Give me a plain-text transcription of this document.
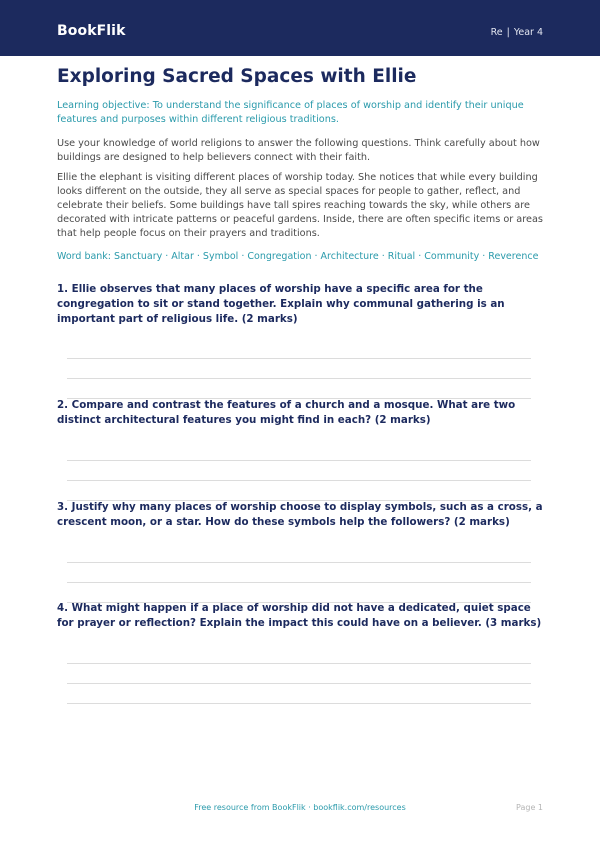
BookFlik	Re | Year 4
Exploring Sacred Spaces with Ellie
Learning objective: To understand the significance of places of worship and identify their unique features and purposes within different religious traditions.
Use your knowledge of world religions to answer the following questions. Think carefully about how buildings are designed to help believers connect with their faith.
Ellie the elephant is visiting different places of worship today. She notices that while every building looks different on the outside, they all serve as special spaces for people to gather, reflect, and celebrate their beliefs. Some buildings have tall spires reaching towards the sky, while others are decorated with intricate patterns or peaceful gardens. Inside, there are often specific items or areas that help people focus on their prayers and traditions.
Word bank: Sanctuary · Altar · Symbol · Congregation · Architecture · Ritual · Community · Reverence
1. Ellie observes that many places of worship have a specific area for the congregation to sit or stand together. Explain why communal gathering is an important part of religious life. (2 marks)
2. Compare and contrast the features of a church and a mosque. What are two distinct architectural features you might find in each? (2 marks)
3. Justify why many places of worship choose to display symbols, such as a cross, a crescent moon, or a star. How do these symbols help the followers? (2 marks)
4. What might happen if a place of worship did not have a dedicated, quiet space for prayer or reflection? Explain the impact this could have on a believer. (3 marks)
Free resource from BookFlik · bookflik.com/resources	Page 1
